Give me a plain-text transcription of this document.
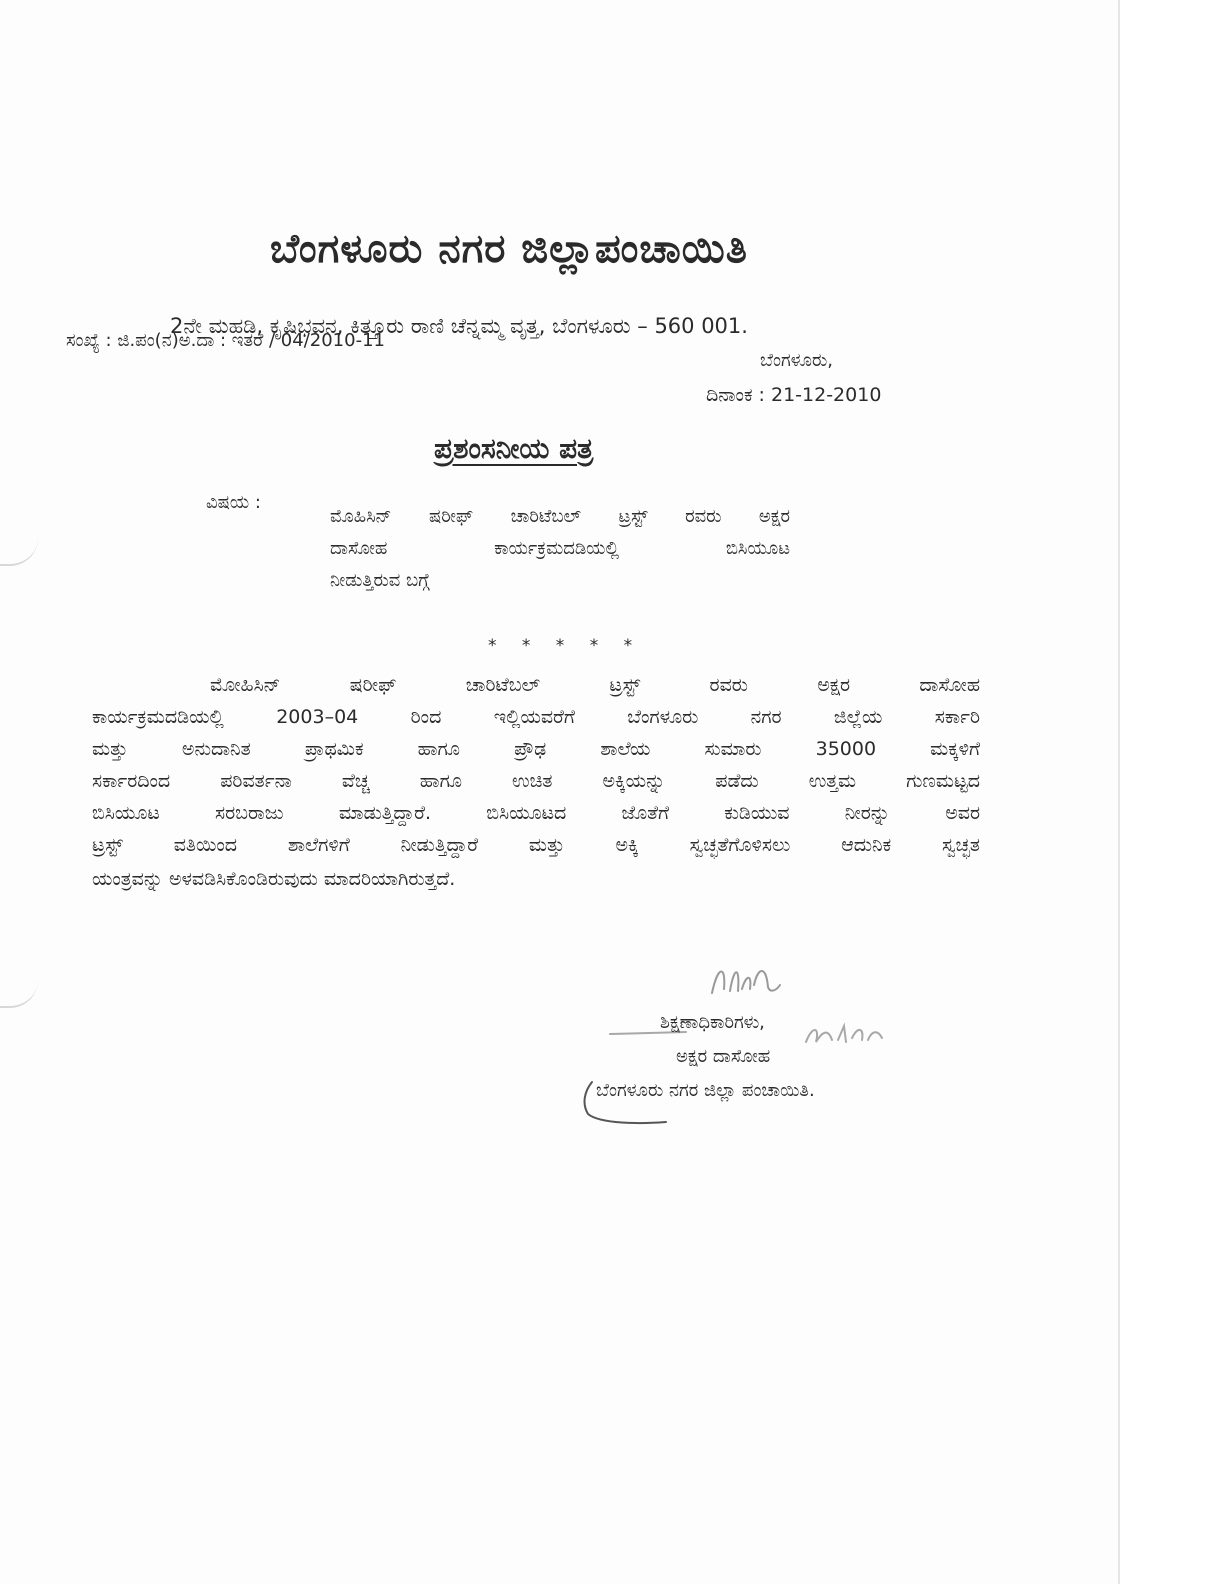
ಬೆಂಗಳೂರು ನಗರ ಜಿಲ್ಲಾಪಂಚಾಯಿತಿ

2ನೇ ಮಹಡಿ, ಕೃಷಿಭವನ, ಕಿತ್ತೂರು ರಾಣಿ ಚೆನ್ನಮ್ಮ ವೃತ್ತ, ಬೆಂಗಳೂರು – 560 001.

ಸಂಖ್ಯೆ : ಜಿ.ಪಂ(ನ)ಅ.ದಾ : ಇತರೆ / 04/2010-11

ಬೆಂಗಳೂರು,

ದಿನಾಂಕ : 21-12-2010

ಪ್ರಶಂಸನೀಯ ಪತ್ರ

ವಿಷಯ :

ಮೊಹಿಸಿನ್ ಷರೀಫ್ ಚಾರಿಟೆಬಲ್ ಟ್ರಸ್ಟ್ ರವರು ಅಕ್ಷರ

ದಾಸೋಹ ಕಾರ್ಯಕ್ರಮದಡಿಯಲ್ಲಿ ಬಿಸಿಯೂಟ

ನೀಡುತ್ತಿರುವ ಬಗ್ಗೆ

* * * * *

ಮೋಹಿಸಿನ್ ಷರೀಫ್ ಚಾರಿಟೆಬಲ್ ಟ್ರಸ್ಟ್ ರವರು ಅಕ್ಷರ ದಾಸೋಹ

ಕಾರ್ಯಕ್ರಮದಡಿಯಲ್ಲಿ 2003–04 ರಿಂದ ಇಲ್ಲಿಯವರೆಗೆ ಬೆಂಗಳೂರು ನಗರ ಜಿಲ್ಲೆಯ ಸರ್ಕಾರಿ

ಮತ್ತು ಅನುದಾನಿತ ಪ್ರಾಥಮಿಕ ಹಾಗೂ ಪ್ರೌಢ ಶಾಲೆಯ ಸುಮಾರು 35000 ಮಕ್ಕಳಿಗೆ

ಸರ್ಕಾರದಿಂದ ಪರಿವರ್ತನಾ ವೆಚ್ಚ ಹಾಗೂ ಉಚಿತ ಅಕ್ಕಿಯನ್ನು ಪಡೆದು ಉತ್ತಮ ಗುಣಮಟ್ಟದ

ಬಿಸಿಯೂಟ ಸರಬರಾಜು ಮಾಡುತ್ತಿದ್ದಾರೆ. ಬಿಸಿಯೂಟದ ಜೊತೆಗೆ ಕುಡಿಯುವ ನೀರನ್ನು ಅವರ

ಟ್ರಸ್ಟ್ ವತಿಯಿಂದ ಶಾಲೆಗಳಿಗೆ ನೀಡುತ್ತಿದ್ದಾರೆ ಮತ್ತು ಅಕ್ಕಿ ಸ್ವಚ್ಛತೆಗೊಳಿಸಲು ಆದುನಿಕ ಸ್ವಚ್ಛತ

ಯಂತ್ರವನ್ನು ಅಳವಡಿಸಿಕೊಂಡಿರುವುದು ಮಾದರಿಯಾಗಿರುತ್ತದೆ.

ಶಿಕ್ಷಣಾಧಿಕಾರಿಗಳು,

ಅಕ್ಷರ ದಾಸೋಹ

ಬೆಂಗಳೂರು ನಗರ ಜಿಲ್ಲಾ ಪಂಚಾಯಿತಿ.
